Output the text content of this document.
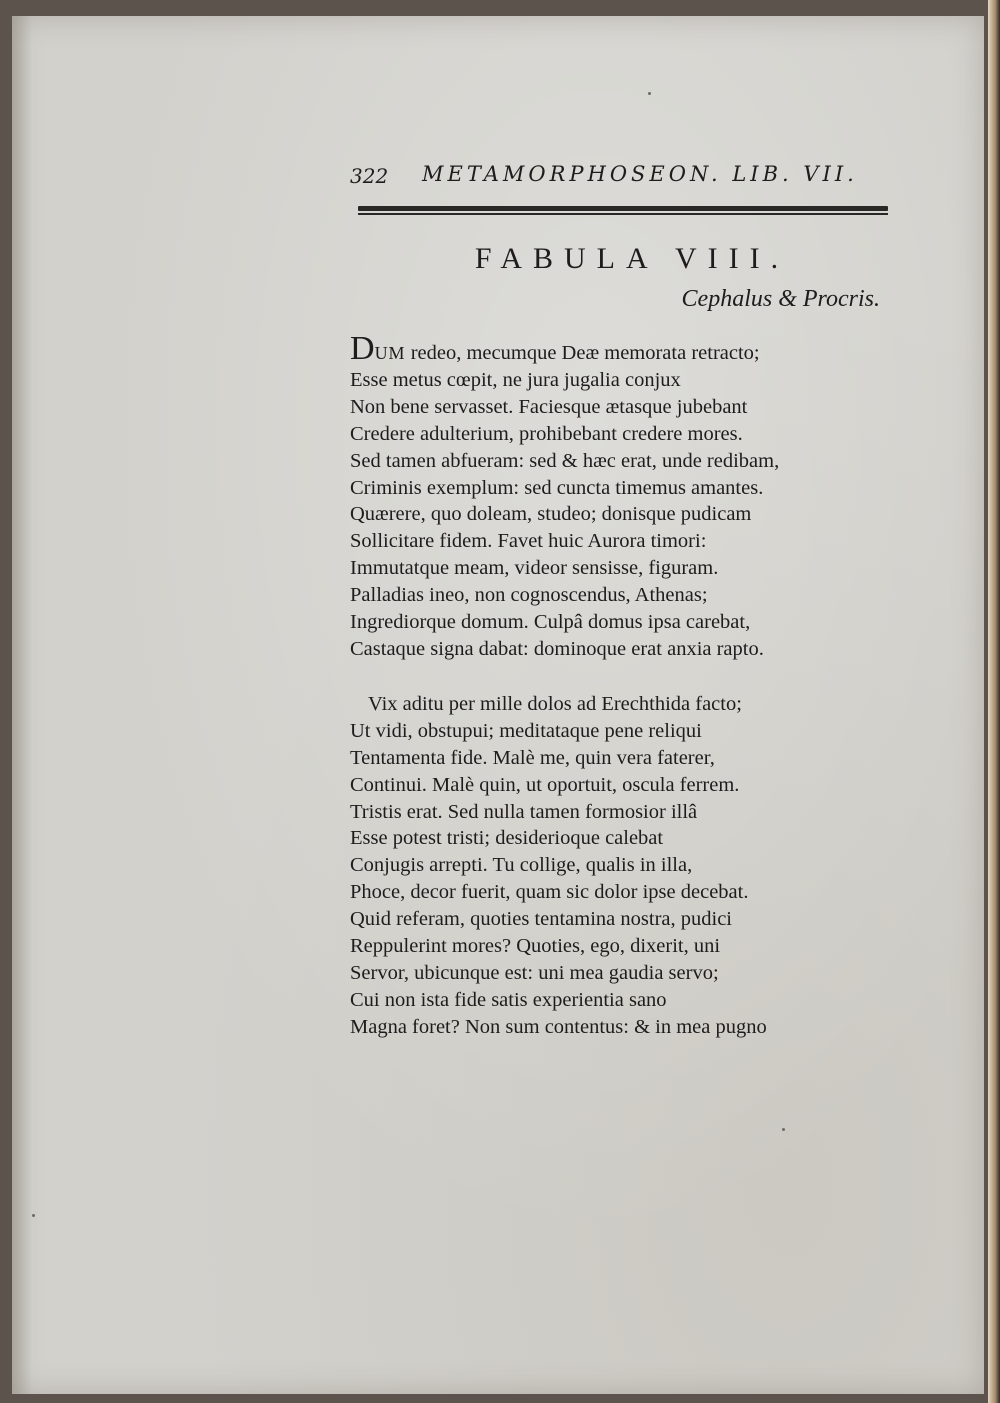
322 METAMORPHOSEON. LIB. VII.
FABULA VIII.
Cephalus & Procris.
DUM redeo, mecumque Deæ memorata retracto;
Esse metus cœpit, ne jura jugalia conjux
Non bene servasset. Faciesque ætasque jubebant
Credere adulterium, prohibebant credere mores.
Sed tamen abfueram: sed & hæc erat, unde redibam,
Criminis exemplum: sed cuncta timemus amantes.
Quærere, quo doleam, studeo; donisque pudicam
Sollicitare fidem. Favet huic Aurora timori:
Immutatque meam, videor sensisse, figuram.
Palladias ineo, non cognoscendus, Athenas;
Ingrediorque domum. Culpâ domus ipsa carebat,
Castaque signa dabat: dominoque erat anxia rapto.
Vix aditu per mille dolos ad Erechthida facto;
Ut vidi, obstupui; meditataque pene reliqui
Tentamenta fide. Malè me, quin vera faterer,
Continui. Malè quin, ut oportuit, oscula ferrem.
Tristis erat. Sed nulla tamen formosior illâ
Esse potest tristi; desiderioque calebat
Conjugis arrepti. Tu collige, qualis in illa,
Phoce, decor fuerit, quam sic dolor ipse decebat.
Quid referam, quoties tentamina nostra, pudici
Reppulerint mores? Quoties, ego, dixerit, uni
Servor, ubicunque est: uni mea gaudia servo;
Cui non ista fide satis experientia sano
Magna foret? Non sum contentus: & in mea pugno
